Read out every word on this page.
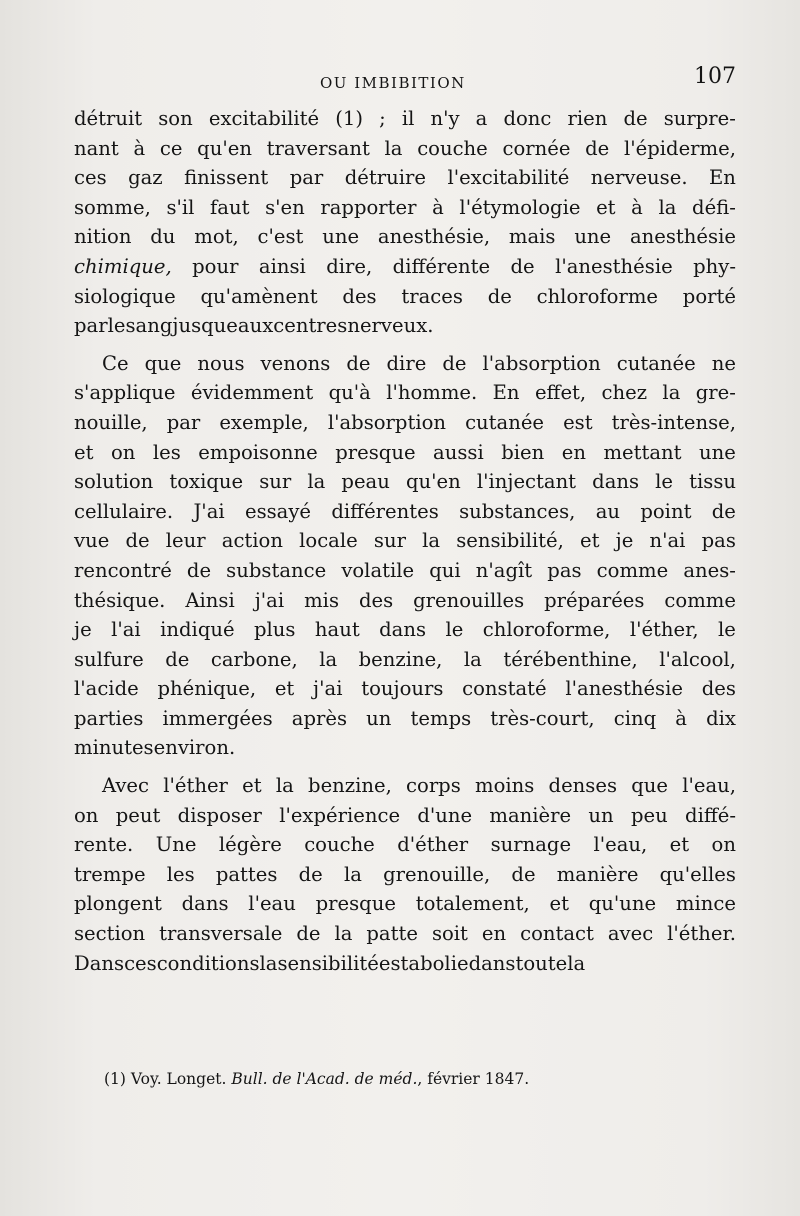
OU IMBIBITION	107
détruit son excitabilité (1) ; il n'y a donc rien de surpre-
nant à ce qu'en traversant la couche cornée de l'épiderme,
ces gaz finissent par détruire l'excitabilité nerveuse. En
somme, s'il faut s'en rapporter à l'étymologie et à la défi-
nition du mot, c'est une anesthésie, mais une anesthésie
chimique, pour ainsi dire, différente de l'anesthésie phy-
siologique qu'amènent des traces de chloroforme porté
par le sang jusque aux centres nerveux.
Ce que nous venons de dire de l'absorption cutanée ne
s'applique évidemment qu'à l'homme. En effet, chez la gre-
nouille, par exemple, l'absorption cutanée est très-intense,
et on les empoisonne presque aussi bien en mettant une
solution toxique sur la peau qu'en l'injectant dans le tissu
cellulaire. J'ai essayé différentes substances, au point de
vue de leur action locale sur la sensibilité, et je n'ai pas
rencontré de substance volatile qui n'agît pas comme anes-
thésique. Ainsi j'ai mis des grenouilles préparées comme
je l'ai indiqué plus haut dans le chloroforme, l'éther, le
sulfure de carbone, la benzine, la térébenthine, l'alcool,
l'acide phénique, et j'ai toujours constaté l'anesthésie des
parties immergées après un temps très-court, cinq à dix
minutes environ.
Avec l'éther et la benzine, corps moins denses que l'eau,
on peut disposer l'expérience d'une manière un peu diffé-
rente. Une légère couche d'éther surnage l'eau, et on
trempe les pattes de la grenouille, de manière qu'elles
plongent dans l'eau presque totalement, et qu'une mince
section transversale de la patte soit en contact avec l'éther.
Dans ces conditions la sensibilité est abolie dans toute la
(1) Voy. Longet. Bull. de l'Acad. de méd., février 1847.
